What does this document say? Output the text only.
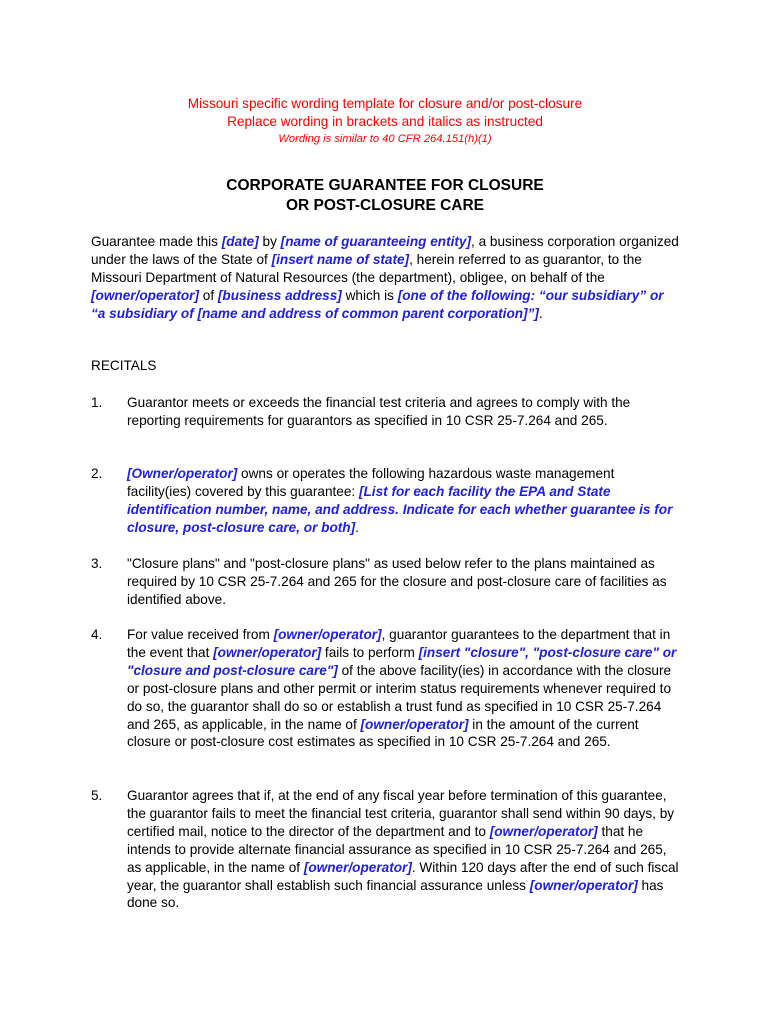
Missouri specific wording template for closure and/or post-closure
Replace wording in brackets and italics as instructed
Wording is similar to 40 CFR 264.151(h)(1)
CORPORATE GUARANTEE FOR CLOSURE
OR POST-CLOSURE CARE
Guarantee made this [date] by [name of guaranteeing entity], a business corporation organized under the laws of the State of [insert name of state], herein referred to as guarantor, to the Missouri Department of Natural Resources (the department), obligee, on behalf of the [owner/operator] of [business address] which is [one of the following: “our subsidiary” or “a subsidiary of [name and address of common parent corporation]”].
RECITALS
1.	Guarantor meets or exceeds the financial test criteria and agrees to comply with the reporting requirements for guarantors as specified in 10 CSR 25-7.264 and 265.
2.	[Owner/operator] owns or operates the following hazardous waste management facility(ies) covered by this guarantee: [List for each facility the EPA and State identification number, name, and address. Indicate for each whether guarantee is for closure, post-closure care, or both].
3.	"Closure plans" and "post-closure plans" as used below refer to the plans maintained as required by 10 CSR 25-7.264 and 265 for the closure and post-closure care of facilities as identified above.
4.	For value received from [owner/operator], guarantor guarantees to the department that in the event that [owner/operator] fails to perform [insert "closure", "post-closure care" or "closure and post-closure care"] of the above facility(ies) in accordance with the closure or post-closure plans and other permit or interim status requirements whenever required to do so, the guarantor shall do so or establish a trust fund as specified in 10 CSR 25-7.264 and 265, as applicable, in the name of [owner/operator] in the amount of the current closure or post-closure cost estimates as specified in 10 CSR 25-7.264 and 265.
5.	Guarantor agrees that if, at the end of any fiscal year before termination of this guarantee, the guarantor fails to meet the financial test criteria, guarantor shall send within 90 days, by certified mail, notice to the director of the department and to [owner/operator] that he intends to provide alternate financial assurance as specified in 10 CSR 25-7.264 and 265, as applicable, in the name of [owner/operator]. Within 120 days after the end of such fiscal year, the guarantor shall establish such financial assurance unless [owner/operator] has done so.
